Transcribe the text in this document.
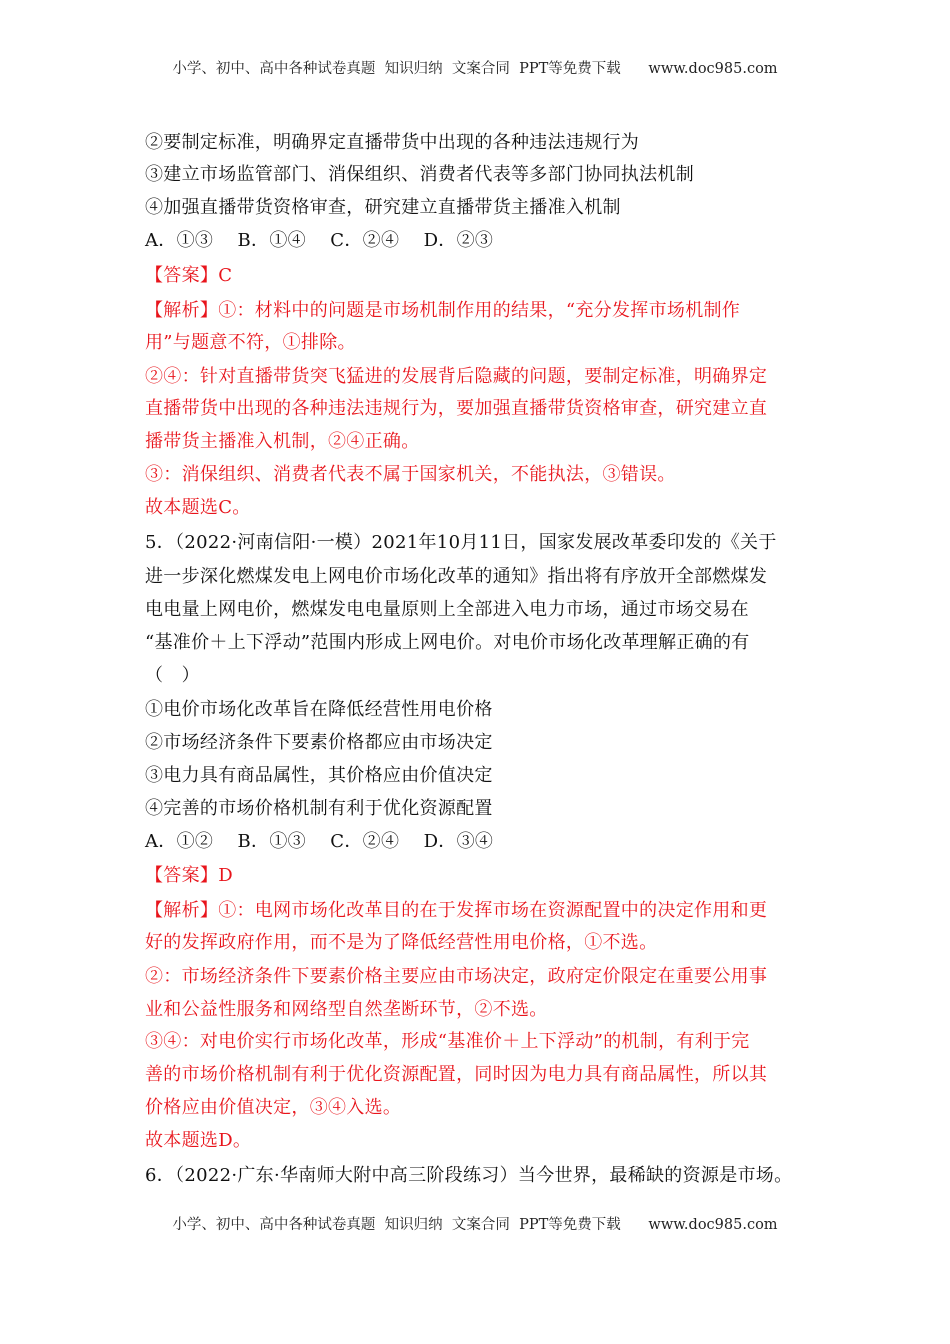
小学、初中、高中各种试卷真题  知识归纳  文案合同  PPT等免费下载      www.doc985.com
②要制定标准，明确界定直播带货中出现的各种违法违规行为
③建立市场监管部门、消保组织、消费者代表等多部门协同执法机制
④加强直播带货资格审查，研究建立直播带货主播准入机制
A．①③　 B．①④　 C．②④　 D．②③
【答案】C
【解析】①：材料中的问题是市场机制作用的结果，“充分发挥市场机制作
用”与题意不符，①排除。
②④：针对直播带货突飞猛进的发展背后隐藏的问题，要制定标准，明确界定
直播带货中出现的各种违法违规行为，要加强直播带货资格审查，研究建立直
播带货主播准入机制，②④正确。
③：消保组织、消费者代表不属于国家机关，不能执法，③错误。
故本题选C。
5．（2022·河南信阳·一模）2021年10月11日，国家发展改革委印发的《关于
进一步深化燃煤发电上网电价市场化改革的通知》指出将有序放开全部燃煤发
电电量上网电价，燃煤发电电量原则上全部进入电力市场，通过市场交易在
“基准价＋上下浮动”范围内形成上网电价。对电价市场化改革理解正确的有
（　）
①电价市场化改革旨在降低经营性用电价格
②市场经济条件下要素价格都应由市场决定
③电力具有商品属性，其价格应由价值决定
④完善的市场价格机制有利于优化资源配置
A．①②　 B．①③　 C．②④　 D．③④
【答案】D
【解析】①：电网市场化改革目的在于发挥市场在资源配置中的决定作用和更
好的发挥政府作用，而不是为了降低经营性用电价格，①不选。
②：市场经济条件下要素价格主要应由市场决定，政府定价限定在重要公用事
业和公益性服务和网络型自然垄断环节，②不选。
③④：对电价实行市场化改革，形成“基准价＋上下浮动”的机制，有利于完
善的市场价格机制有利于优化资源配置，同时因为电力具有商品属性，所以其
价格应由价值决定，③④入选。
故本题选D。
6．（2022·广东·华南师大附中高三阶段练习）当今世界，最稀缺的资源是市场。
小学、初中、高中各种试卷真题  知识归纳  文案合同  PPT等免费下载      www.doc985.com
